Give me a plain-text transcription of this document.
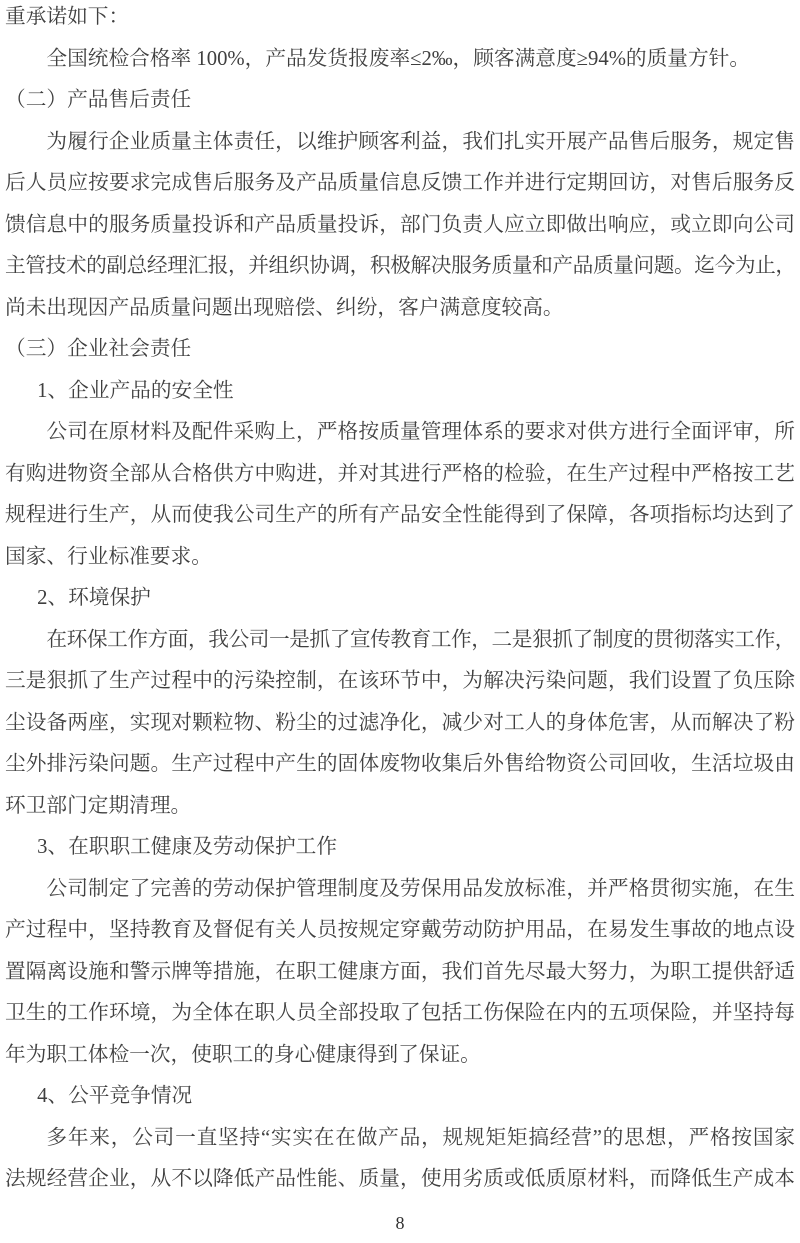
重承诺如下：
全国统检合格率 100%，产品发货报废率≤2‰，顾客满意度≥94%的质量方针。
（二）产品售后责任
为履行企业质量主体责任，以维护顾客利益，我们扎实开展产品售后服务，规定售
后人员应按要求完成售后服务及产品质量信息反馈工作并进行定期回访，对售后服务反
馈信息中的服务质量投诉和产品质量投诉，部门负责人应立即做出响应，或立即向公司
主管技术的副总经理汇报，并组织协调，积极解决服务质量和产品质量问题。迄今为止，
尚未出现因产品质量问题出现赔偿、纠纷，客户满意度较高。
（三）企业社会责任
1、企业产品的安全性
公司在原材料及配件采购上，严格按质量管理体系的要求对供方进行全面评审，所
有购进物资全部从合格供方中购进，并对其进行严格的检验，在生产过程中严格按工艺
规程进行生产，从而使我公司生产的所有产品安全性能得到了保障，各项指标均达到了
国家、行业标准要求。
2、环境保护
在环保工作方面，我公司一是抓了宣传教育工作，二是狠抓了制度的贯彻落实工作，
三是狠抓了生产过程中的污染控制，在该环节中，为解决污染问题，我们设置了负压除
尘设备两座，实现对颗粒物、粉尘的过滤净化，减少对工人的身体危害，从而解决了粉
尘外排污染问题。生产过程中产生的固体废物收集后外售给物资公司回收，生活垃圾由
环卫部门定期清理。
3、在职职工健康及劳动保护工作
公司制定了完善的劳动保护管理制度及劳保用品发放标准，并严格贯彻实施，在生
产过程中，坚持教育及督促有关人员按规定穿戴劳动防护用品，在易发生事故的地点设
置隔离设施和警示牌等措施，在职工健康方面，我们首先尽最大努力，为职工提供舒适
卫生的工作环境，为全体在职人员全部投取了包括工伤保险在内的五项保险，并坚持每
年为职工体检一次，使职工的身心健康得到了保证。
4、公平竞争情况
多年来，公司一直坚持“实实在在做产品，规规矩矩搞经营”的思想，严格按国家
法规经营企业，从不以降低产品性能、质量，使用劣质或低质原材料，而降低生产成本
8
